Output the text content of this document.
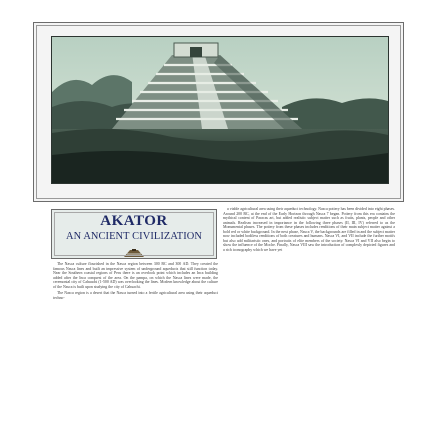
AKATOR
AN ANCIENT CIVILIZATION

The Nasca culture flourished in the Nasca region between 300 BC and 300 AD. They created the famous Nasca lines and built an impressive system of underground aqueducts that still function today. Near the Southern coastal regions of Peru there is an overlook point which includes an Inca building added after the Inca conquest of the area. On the pampa, on which the Nasca lines were made, the ceremonial city of Cahuachi (1-500 AD) was overlooking the lines. Modern knowledge about the culture of the Nasca is built upon studying the city of Cahuachi.

The Nasca region is a desert that the Nasca turned into a fertile agricultural area using their aqueduct techno-

a viable agricultural area using their aqueduct technology. Nasca pottery has been divided into eight phases. Around 200 BC, at the end of the Early Horizon through Nasca 7 began. Pottery from this era contains the mythical content of Paracas art, but added realistic subject matter such as fruits, plants, people and other animals. Realism increased in importance in the following three phases (II, III, IV) referred to as the Monumental phases. The pottery from these phases includes renditions of their main subject matter against a bold red or white background. In the next phase, Nasca V, the backgrounds are filled in and the subject matter now included bodiless renditions of both creatures and humans. Nasca VI, and VII include the further motifs but also add militaristic ones, and portraits of elite members of the society. Nasca VI and VII also begin to show the influence of the Moche. Finally, Nasca VIII saw the introduction of complexly depicted figures and a rich iconography which we have yet
